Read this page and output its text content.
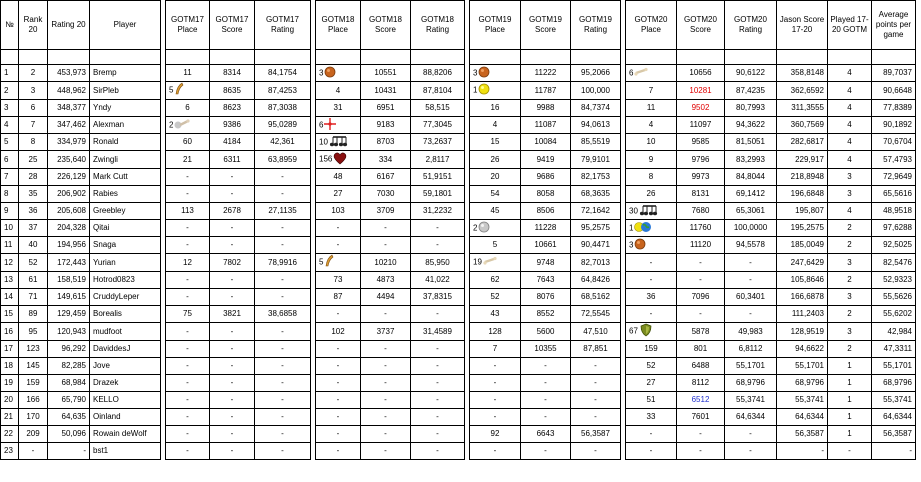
№	Rank 20	Rating 20	Player		GOTM17 Place	GOTM17 Score	GOTM17 Rating		GOTM18 Place	GOTM18 Score	GOTM18 Rating		GOTM19 Place	GOTM19 Score	GOTM19 Rating		GOTM20 Place	GOTM20 Score	GOTM20 Rating	Jason Score 17-20	Played 17-20 GOTM	Average points per game

1	2	453,973	Bremp		11	8314	84,1754		3	10551	88,8206		3	11222	95,2066		6	10656	90,6122	358,8148	4	89,7037
2	3	448,962	SirPleb		5	8635	87,4253		4	10431	87,8104		1	11787	100,000		7	10281	87,4235	362,6592	4	90,6648
3	6	348,377	Yndy		6	8623	87,3038		31	6951	58,515		16	9988	84,7374		11	9502	80,7993	311,3555	4	77,8389
4	7	347,462	Alexman		2	9386	95,0289		6	9183	77,3045		4	11087	94,0613		4	11097	94,3622	360,7569	4	90,1892
5	8	334,979	Ronald		60	4184	42,361		10	8703	73,2637		15	10084	85,5519		10	9585	81,5051	282,6817	4	70,6704
6	25	235,640	Zwingli		21	6311	63,8959		156	334	2,8117		26	9419	79,9101		9	9796	83,2993	229,917	4	57,4793
7	28	226,129	Mark Cutt		-	-	-		48	6167	51,9151		20	9686	82,1753		8	9973	84,8044	218,8948	3	72,9649
8	35	206,902	Rabies		-	-	-		27	7030	59,1801		54	8058	68,3635		26	8131	69,1412	196,6848	3	65,5616
9	36	205,608	Greebley		113	2678	27,1135		103	3709	31,2232		45	8506	72,1642		30	7680	65,3061	195,807	4	48,9518
10	37	204,328	Qitai		-	-	-		-	-	-		2	11228	95,2575		1	11760	100,0000	195,2575	2	97,6288
11	40	194,956	Snaga		-	-	-		-	-	-		5	10661	90,4471		3	11120	94,5578	185,0049	2	92,5025
12	52	172,443	Yurian		12	7802	78,9916		5	10210	85,950		19	9748	82,7013		-	-	-	247,6429	3	82,5476
13	61	158,519	Hotrod0823		-	-	-		73	4873	41,022		62	7643	64,8426		-	-	-	105,8646	2	52,9323
14	71	149,615	CruddyLeper		-	-	-		87	4494	37,8315		52	8076	68,5162		36	7096	60,3401	166,6878	3	55,5626
15	89	129,459	Borealis		75	3821	38,6858		-	-	-		43	8552	72,5545		-	-	-	111,2403	2	55,6202
16	95	120,943	mudfoot		-	-	-		102	3737	31,4589		128	5600	47,510		67	5878	49,983	128,9519	3	42,984
17	123	96,292	DaviddesJ		-	-	-		-	-	-		7	10355	87,851		159	801	6,8112	94,6622	2	47,3311
18	145	82,285	Jove		-	-	-		-	-	-		-	-	-		52	6488	55,1701	55,1701	1	55,1701
19	159	68,984	Drazek		-	-	-		-	-	-		-	-	-		27	8112	68,9796	68,9796	1	68,9796
20	166	65,790	KELLO		-	-	-		-	-	-		-	-	-		51	6512	55,3741	55,3741	1	55,3741
21	170	64,635	Oinland		-	-	-		-	-	-		-	-	-		33	7601	64,6344	64,6344	1	64,6344
22	209	50,096	Rowain deWolf		-	-	-		-	-	-		92	6643	56,3587		-	-	-	56,3587	1	56,3587
23	-	-	bst1		-	-	-		-	-	-		-	-	-		-	-	-	-	-	-
